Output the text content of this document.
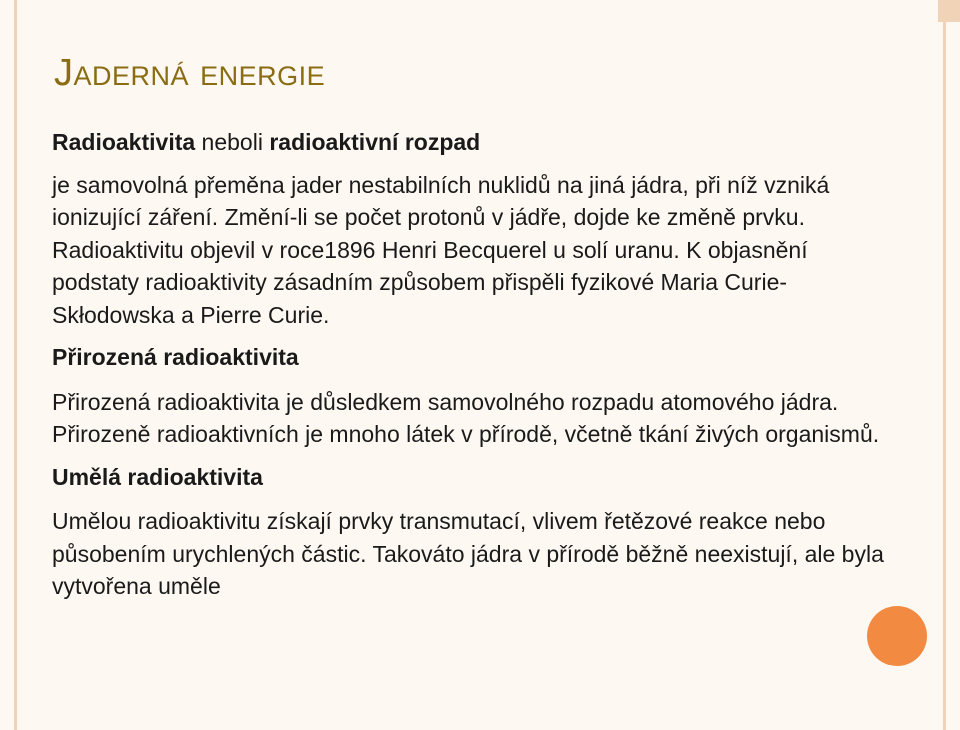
Jaderná energie

Radioaktivita neboli radioaktivní rozpad

je samovolná přeměna jader nestabilních nuklidů na jiná jádra, při níž vzniká ionizující záření. Změní-li se počet protonů v jádře, dojde ke změně prvku. Radioaktivitu objevil v roce1896 Henri Becquerel u solí uranu. K objasnění podstaty radioaktivity zásadním způsobem přispěli fyzikové Maria Curie-Skłodowska a Pierre Curie.

Přirozená radioaktivita

Přirozená radioaktivita je důsledkem samovolného rozpadu atomového jádra. Přirozeně radioaktivních je mnoho látek v přírodě, včetně tkání živých organismů.

Umělá radioaktivita

Umělou radioaktivitu získají prvky transmutací, vlivem řetězové reakce nebo působením urychlených částic. Takováto jádra v přírodě běžně neexistují, ale byla vytvořena uměle
